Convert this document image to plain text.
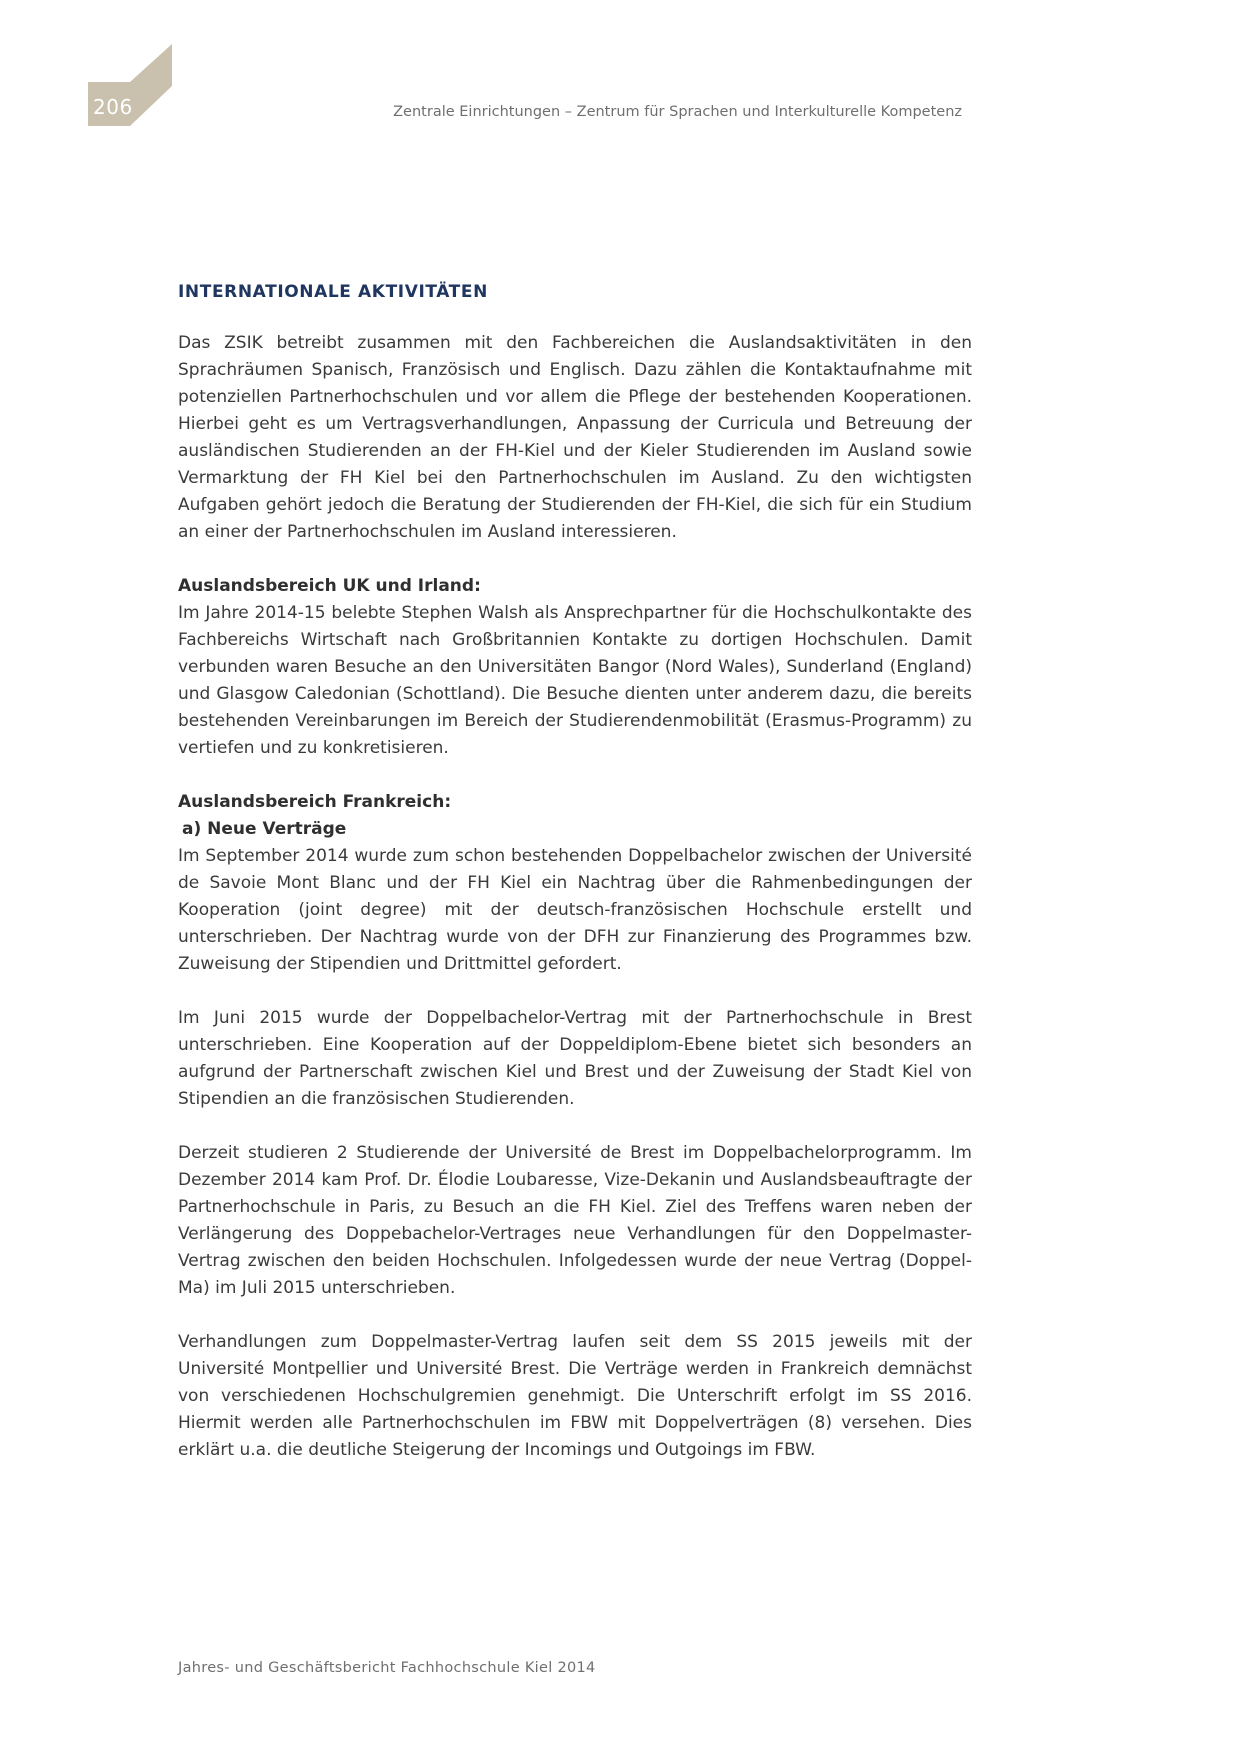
206	Zentrale Einrichtungen – Zentrum für Sprachen und Interkulturelle Kompetenz
INTERNATIONALE AKTIVITÄTEN

Das ZSIK betreibt zusammen mit den Fachbereichen die Auslandsaktivitäten in den Sprachräumen Spanisch, Französisch und Englisch. Dazu zählen die Kontaktaufnahme mit potenziellen Partnerhochschulen und vor allem die Pflege der bestehenden Kooperationen. Hierbei geht es um Vertragsverhandlungen, Anpassung der Curricula und Betreuung der ausländischen Studierenden an der FH-Kiel und der Kieler Studierenden im Ausland sowie Vermarktung der FH Kiel bei den Partnerhochschulen im Ausland. Zu den wichtigsten Aufgaben gehört jedoch die Beratung der Studierenden der FH-Kiel, die sich für ein Studium an einer der Partnerhochschulen im Ausland interessieren.

Auslandsbereich UK und Irland:

Im Jahre 2014-15 belebte Stephen Walsh als Ansprechpartner für die Hochschulkontakte des Fachbereichs Wirtschaft nach Großbritannien Kontakte zu dortigen Hochschulen. Damit verbunden waren Besuche an den Universitäten Bangor (Nord Wales), Sunderland (England) und Glasgow Caledonian (Schottland). Die Besuche dienten unter anderem dazu, die bereits bestehenden Vereinbarungen im Bereich der Studierendenmobilität (Erasmus-Programm) zu vertiefen und zu konkretisieren.

Auslandsbereich Frankreich:

a) Neue Verträge

Im September 2014 wurde zum schon bestehenden Doppelbachelor zwischen der Université de Savoie Mont Blanc und der FH Kiel ein Nachtrag über die Rahmenbedingungen der Kooperation (joint degree) mit der deutsch-französischen Hochschule erstellt und unterschrieben. Der Nachtrag wurde von der DFH zur Finanzierung des Programmes bzw. Zuweisung der Stipendien und Drittmittel gefordert.

Im Juni 2015 wurde der Doppelbachelor-Vertrag mit der Partnerhochschule in Brest unterschrieben. Eine Kooperation auf der Doppeldiplom-Ebene bietet sich besonders an aufgrund der Partnerschaft zwischen Kiel und Brest und der Zuweisung der Stadt Kiel von Stipendien an die französischen Studierenden.

Derzeit studieren 2 Studierende der Université de Brest im Doppelbachelorprogramm. Im Dezember 2014 kam Prof. Dr. Élodie Loubaresse, Vize-Dekanin und Auslandsbeauftragte der Partnerhochschule in Paris, zu Besuch an die FH Kiel. Ziel des Treffens waren neben der Verlängerung des Doppebachelor-Vertrages neue Verhandlungen für den Doppelmaster-Vertrag zwischen den beiden Hochschulen. Infolgedessen wurde der neue Vertrag (Doppel-Ma) im Juli 2015 unterschrieben.

Verhandlungen zum Doppelmaster-Vertrag laufen seit dem SS 2015 jeweils mit der Université Montpellier und Université Brest. Die Verträge werden in Frankreich demnächst von verschiedenen Hochschulgremien genehmigt. Die Unterschrift erfolgt im SS 2016. Hiermit werden alle Partnerhochschulen im FBW mit Doppelverträgen (8) versehen. Dies erklärt u.a. die deutliche Steigerung der Incomings und Outgoings im FBW.

Jahres- und Geschäftsbericht Fachhochschule Kiel 2014
